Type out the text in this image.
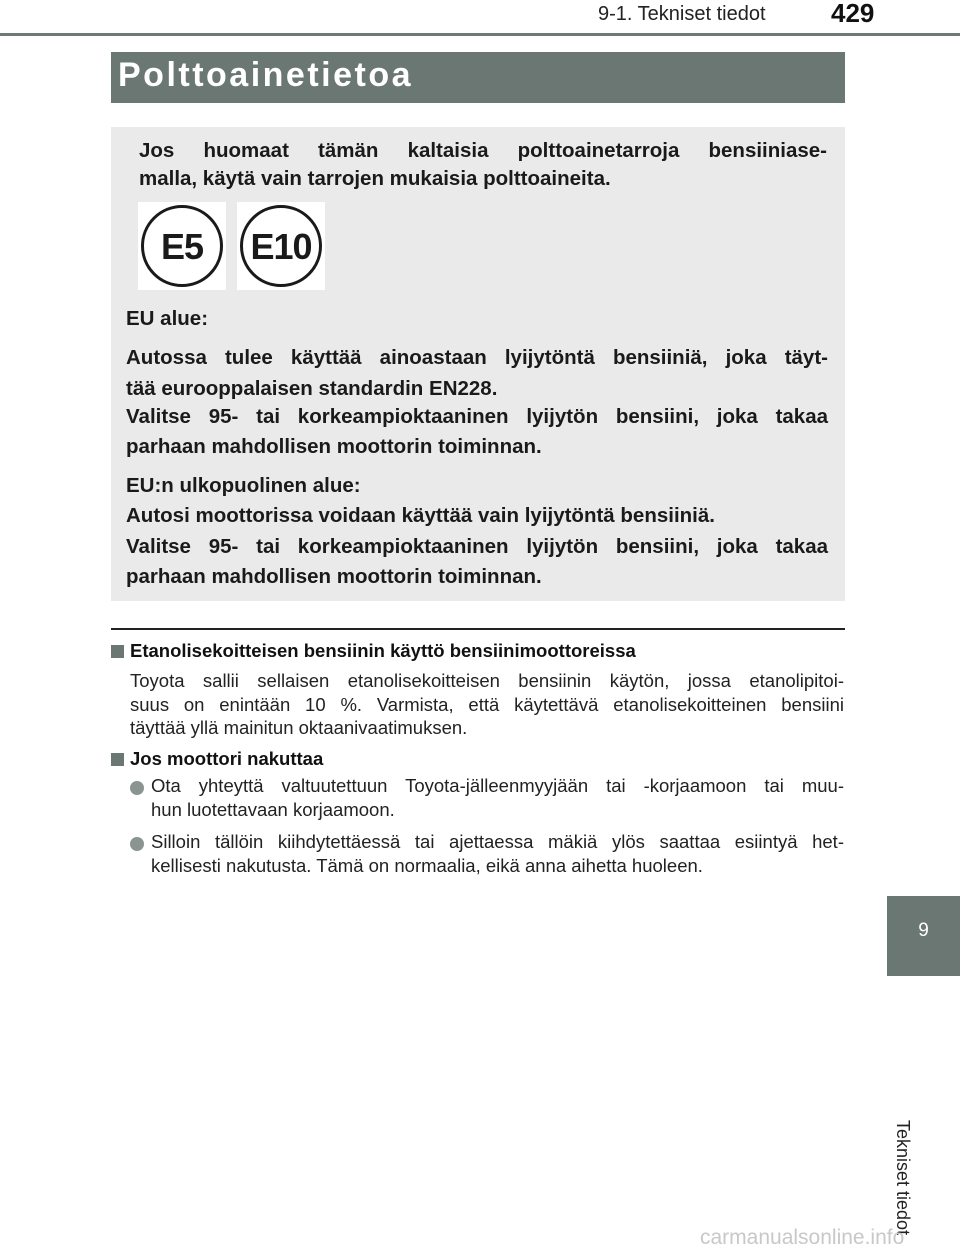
9-1. Tekniset tiedot	429
Polttoainetietoa
Jos huomaat tämän kaltaisia polttoainetarroja bensiiniase-
malla, käytä vain tarrojen mukaisia polttoaineita.
E5	E10
EU alue:
Autossa tulee käyttää ainoastaan lyijytöntä bensiiniä, joka täyt-
tää eurooppalaisen standardin EN228.
Valitse 95- tai korkeampioktaaninen lyijytön bensiini, joka takaa
parhaan mahdollisen moottorin toiminnan.
EU:n ulkopuolinen alue:
Autosi moottorissa voidaan käyttää vain lyijytöntä bensiiniä.
Valitse 95- tai korkeampioktaaninen lyijytön bensiini, joka takaa
parhaan mahdollisen moottorin toiminnan.
Etanolisekoitteisen bensiinin käyttö bensiinimoottoreissa
Toyota sallii sellaisen etanolisekoitteisen bensiinin käytön, jossa etanolipitoi-
suus on enintään 10 %. Varmista, että käytettävä etanolisekoitteinen bensiini
täyttää yllä mainitun oktaanivaatimuksen.
Jos moottori nakuttaa
Ota yhteyttä valtuutettuun Toyota-jälleenmyyjään tai -korjaamoon tai muu-
hun luotettavaan korjaamoon.
Silloin tällöin kiihdytettäessä tai ajettaessa mäkiä ylös saattaa esiintyä het-
kellisesti nakutusta. Tämä on normaalia, eikä anna aihetta huoleen.
9
Tekniset tiedot
carmanualsonline.info
